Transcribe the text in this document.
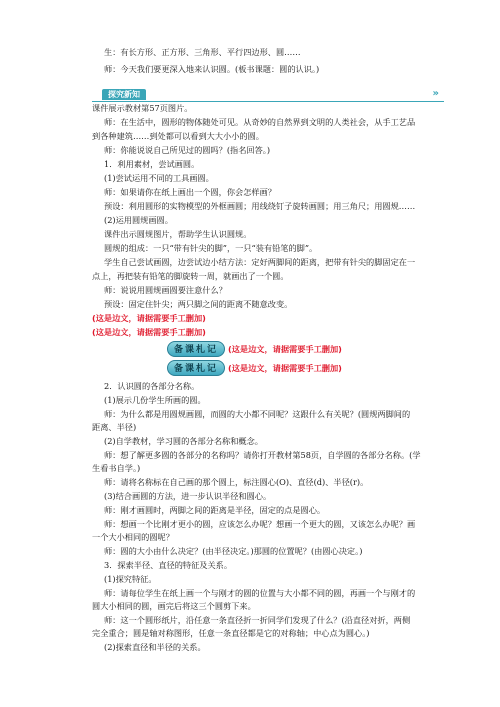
生：有长方形、正方形、三角形、平行四边形、圆……
师：今天我们要更深入地来认识圆。(板书课题：圆的认识。)
探究新知	»
课件展示教材第57页图片。
师：在生活中，圆形的物体随处可见。从奇妙的自然界到文明的人类社会，从手工艺品
到各种建筑……到处都可以看到大大小小的圆。
师：你能说说自己所见过的圆吗？(指名回答。)
1．利用素材，尝试画圆。
(1)尝试运用不同的工具画圆。
师：如果请你在纸上画出一个圆，你会怎样画？
预设：利用圆形的实物模型的外框画圆；用线绕钉子旋转画圆；用三角尺；用圆规……
(2)运用圆规画圆。
课件出示圆规图片，帮助学生认识圆规。
圆规的组成：一只“带有针尖的脚”，一只“装有铅笔的脚”。
学生自己尝试画圆，边尝试边小结方法：定好两脚间的距离，把带有针尖的脚固定在一
点上，再把装有铅笔的脚旋转一周，就画出了一个圆。
师：说说用圆规画圆要注意什么？
预设：固定住针尖；两只脚之间的距离不随意改变。
(这是边文，请据需要手工删加)
(这是边文，请据需要手工删加)
备课札记	(这是边文，请据需要手工删加)
备课札记	(这是边文，请据需要手工删加)
2．认识圆的各部分名称。
(1)展示几份学生所画的圆。
师：为什么都是用圆规画圆，而圆的大小都不同呢？这跟什么有关呢？(圆规两脚间的
距离、半径)
(2)自学教材，学习圆的各部分名称和概念。
师：想了解更多圆的各部分的名称吗？请你打开教材第58页，自学圆的各部分名称。(学
生看书自学。)
师：请将名称标在自己画的那个圆上，标注圆心(O)、直径(d)、半径(r)。
(3)结合画圆的方法，进一步认识半径和圆心。
师：刚才画圆时，两脚之间的距离是半径，固定的点是圆心。
师：想画一个比刚才更小的圆，应该怎么办呢？想画一个更大的圆，又该怎么办呢？画
一个大小相同的圆呢？
师：圆的大小由什么决定？(由半径决定。)那圆的位置呢？(由圆心决定。)
3．探索半径、直径的特征及关系。
(1)探究特征。
师：请每位学生在纸上画一个与刚才的圆的位置与大小都不同的圆，再画一个与刚才的
圆大小相同的圆，画完后将这三个圆剪下来。
师：这一个圆形纸片，沿任意一条直径折一折同学们发现了什么？(沿直径对折，两侧
完全重合；圆是轴对称图形，任意一条直径都是它的对称轴；中心点为圆心。)
(2)探索直径和半径的关系。
